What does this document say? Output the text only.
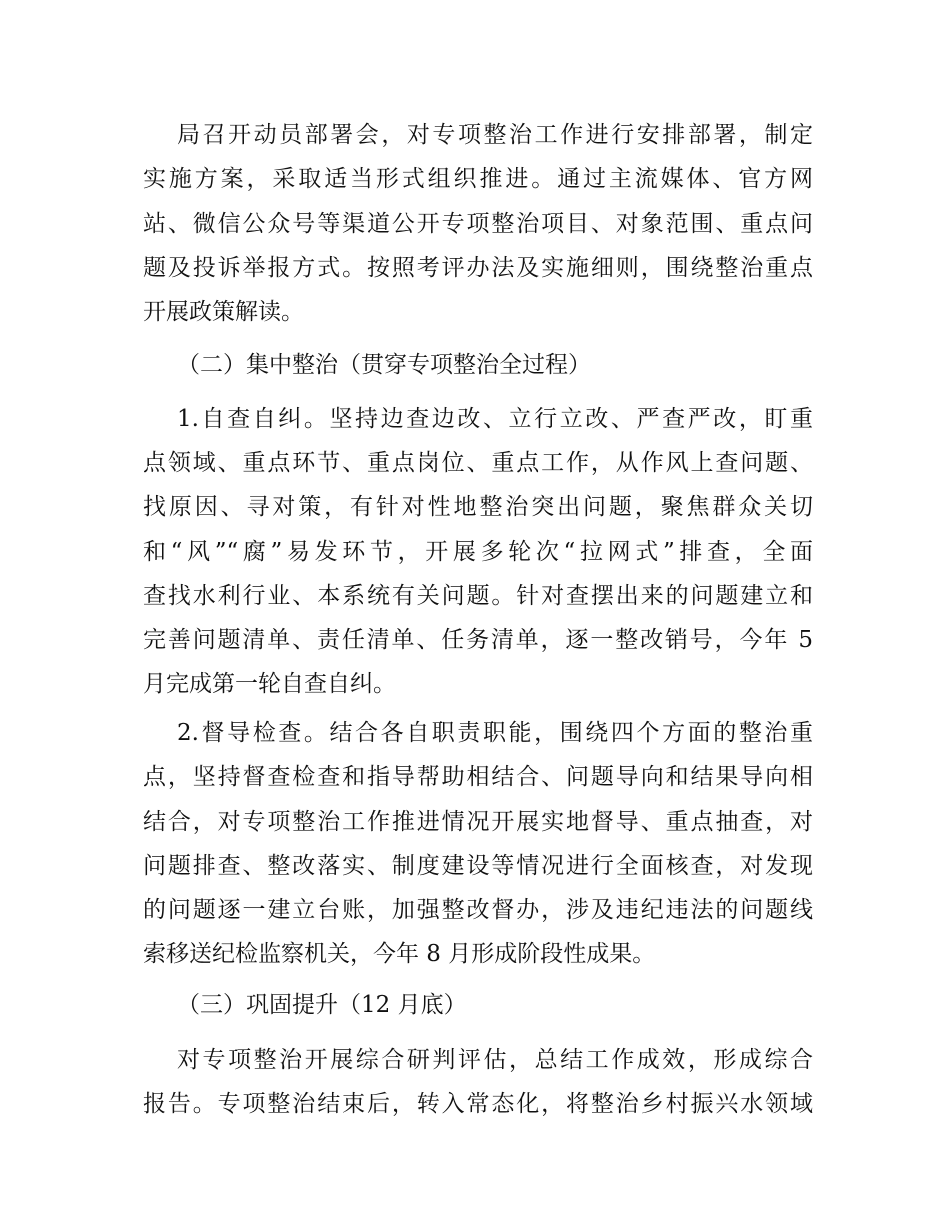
局召开动员部署会，对专项整治工作进行安排部署，制定
实施方案，采取适当形式组织推进。通过主流媒体、官方网
站、微信公众号等渠道公开专项整治项目、对象范围、重点问
题及投诉举报方式。按照考评办法及实施细则，围绕整治重点
开展政策解读。
（二）集中整治（贯穿专项整治全过程）
1.自查自纠。坚持边查边改、立行立改、严查严改，盯重
点领域、重点环节、重点岗位、重点工作，从作风上查问题、
找原因、寻对策，有针对性地整治突出问题，聚焦群众关切
和“风”“腐”易发环节，开展多轮次“拉网式”排查，全面
查找水利行业、本系统有关问题。针对查摆出来的问题建立和
完善问题清单、责任清单、任务清单，逐一整改销号，今年 5
月完成第一轮自查自纠。
2.督导检查。结合各自职责职能，围绕四个方面的整治重
点，坚持督查检查和指导帮助相结合、问题导向和结果导向相
结合，对专项整治工作推进情况开展实地督导、重点抽查，对
问题排查、整改落实、制度建设等情况进行全面核查，对发现
的问题逐一建立台账，加强整改督办，涉及违纪违法的问题线
索移送纪检监察机关，今年 8 月形成阶段性成果。
（三）巩固提升（12 月底）
对专项整治开展综合研判评估，总结工作成效，形成综合
报告。专项整治结束后，转入常态化，将整治乡村振兴水领域
